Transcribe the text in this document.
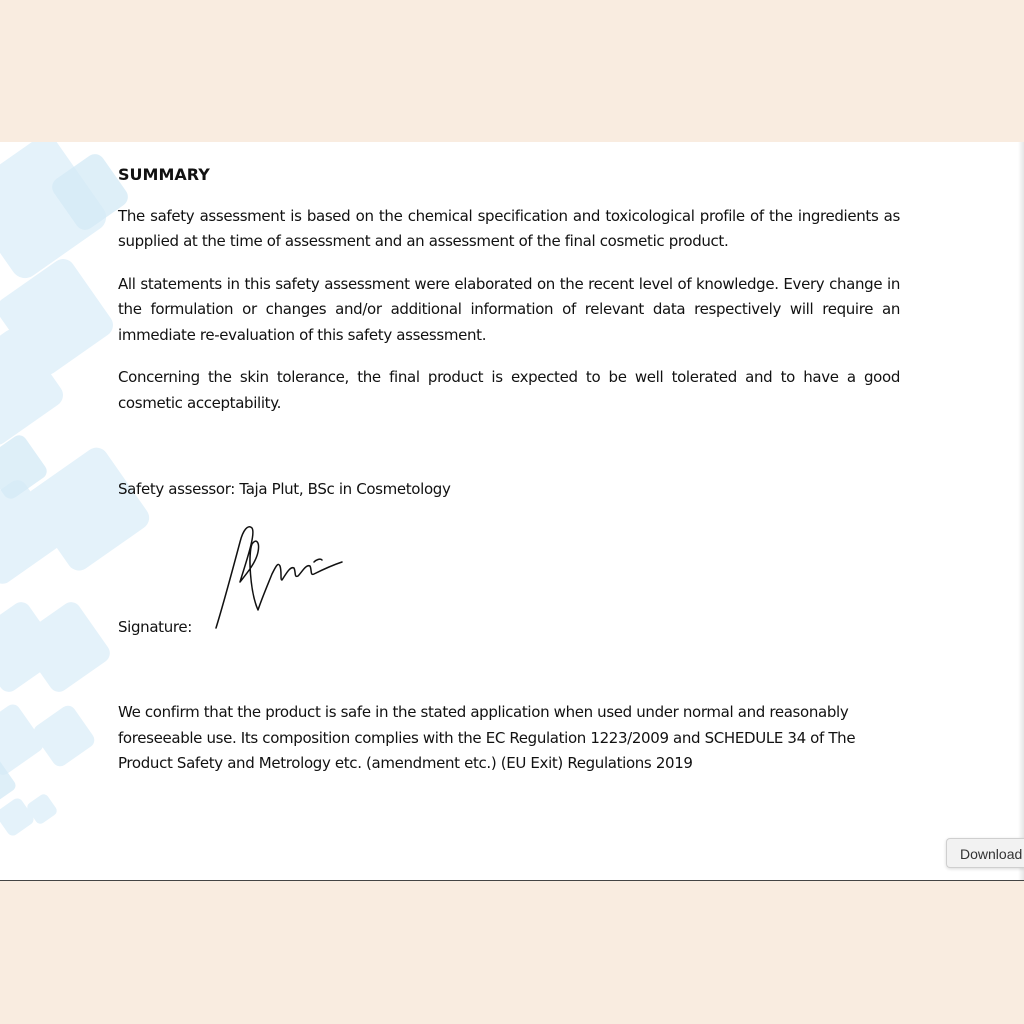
SUMMARY

The safety assessment is based on the chemical specification and toxicological profile of the ingredients as supplied at the time of assessment and an assessment of the final cosmetic product.

All statements in this safety assessment were elaborated on the recent level of knowledge. Every change in the formulation or changes and/or additional information of relevant data respectively will require an immediate re-evaluation of this safety assessment.

Concerning the skin tolerance, the final product is expected to be well tolerated and to have a good cosmetic acceptability.

Safety assessor: Taja Plut, BSc in Cosmetology
Signature:
We confirm that the product is safe in the stated application when used under normal and reasonably foreseeable use. Its composition complies with the EC Regulation 1223/2009 and SCHEDULE 34 of The Product Safety and Metrology etc. (amendment etc.) (EU Exit) Regulations 2019
Download
